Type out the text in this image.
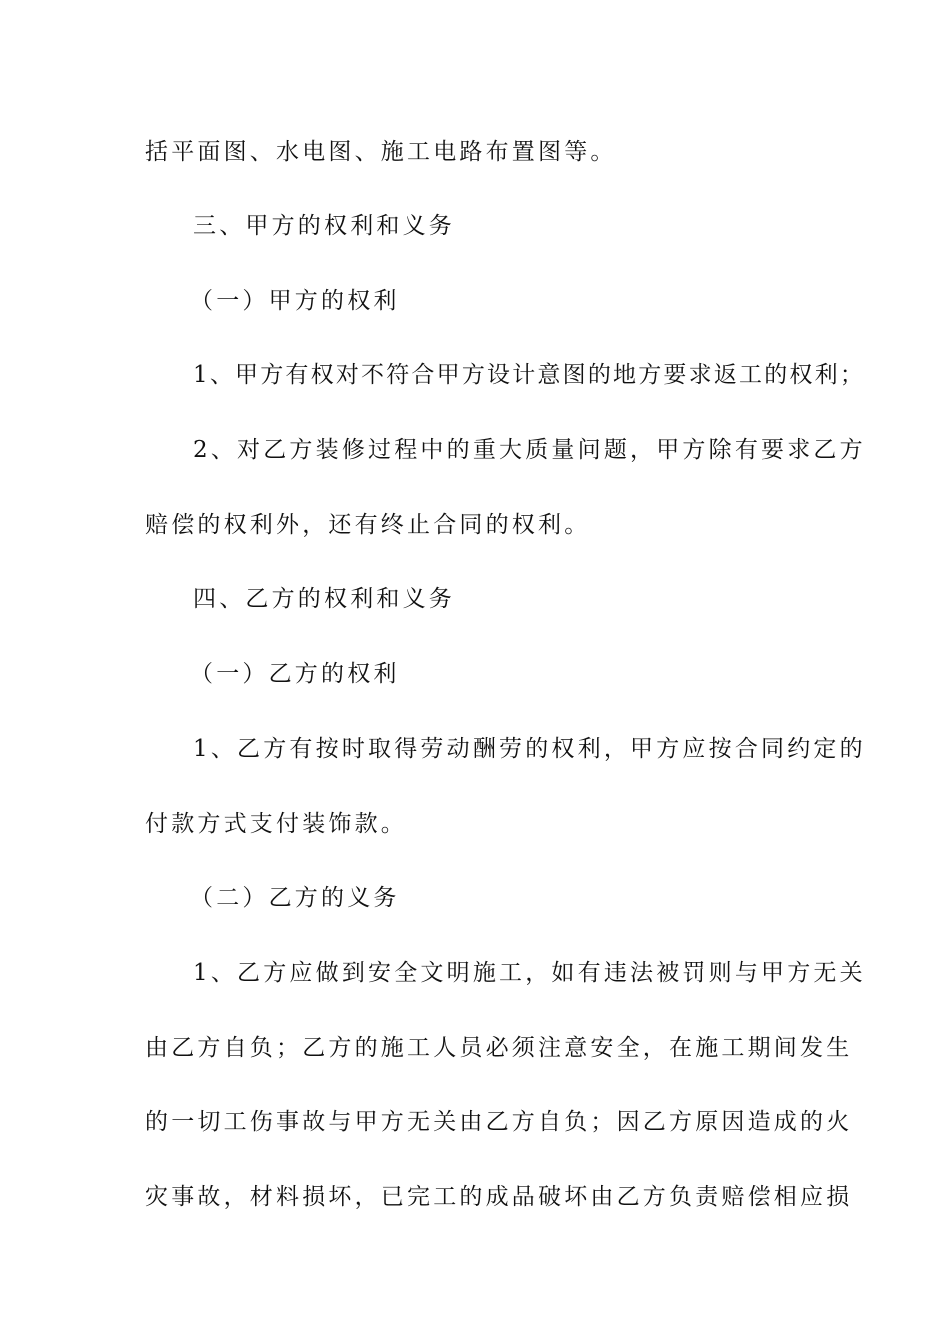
括平面图、水电图、施工电路布置图等。
三、甲方的权利和义务
（一）甲方的权利
1、甲方有权对不符合甲方设计意图的地方要求返工的权利；
2、对乙方装修过程中的重大质量问题，甲方除有要求乙方
赔偿的权利外，还有终止合同的权利。
四、乙方的权利和义务
（一）乙方的权利
1、乙方有按时取得劳动酬劳的权利，甲方应按合同约定的
付款方式支付装饰款。
（二）乙方的义务
1、乙方应做到安全文明施工，如有违法被罚则与甲方无关
由乙方自负；乙方的施工人员必须注意安全，在施工期间发生
的一切工伤事故与甲方无关由乙方自负；因乙方原因造成的火
灾事故，材料损坏，已完工的成品破坏由乙方负责赔偿相应损
